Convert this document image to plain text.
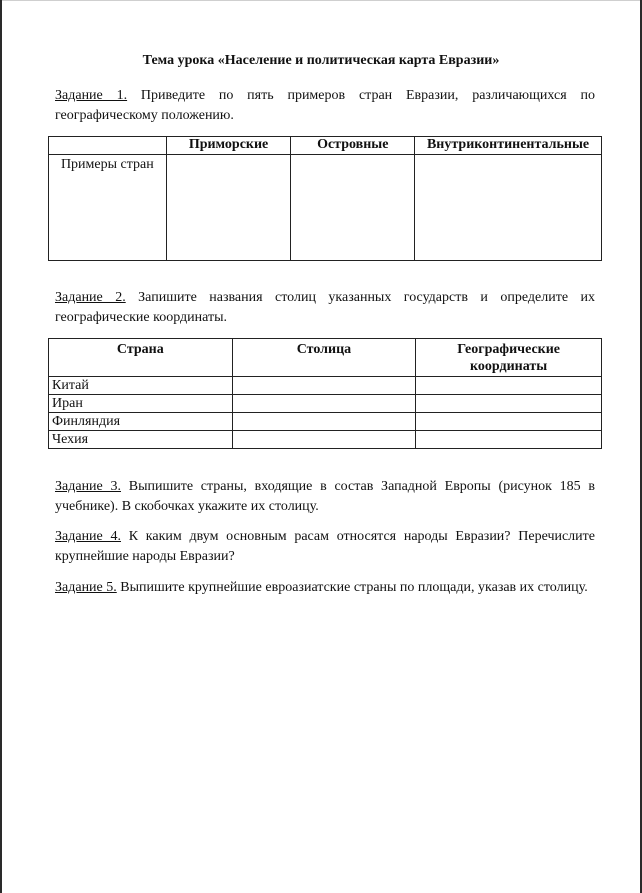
Тема урока «Население и политическая карта Евразии»
Задание 1. Приведите по пять примеров стран Евразии, различающихся по географическому положению.
	Приморские	Островные	Внутриконтинентальные
Примеры стран			
Задание 2. Запишите названия столиц указанных государств и определите их географические координаты.
Страна	Столица	Географические координаты
Китай		
Иран		
Финляндия		
Чехия		
Задание 3. Выпишите страны, входящие в состав Западной Европы (рисунок 185 в учебнике). В скобочках укажите их столицу.
Задание 4. К каким двум основным расам относятся народы Евразии? Перечислите крупнейшие народы Евразии?
Задание 5. Выпишите крупнейшие евроазиатские страны по площади, указав их столицу.
